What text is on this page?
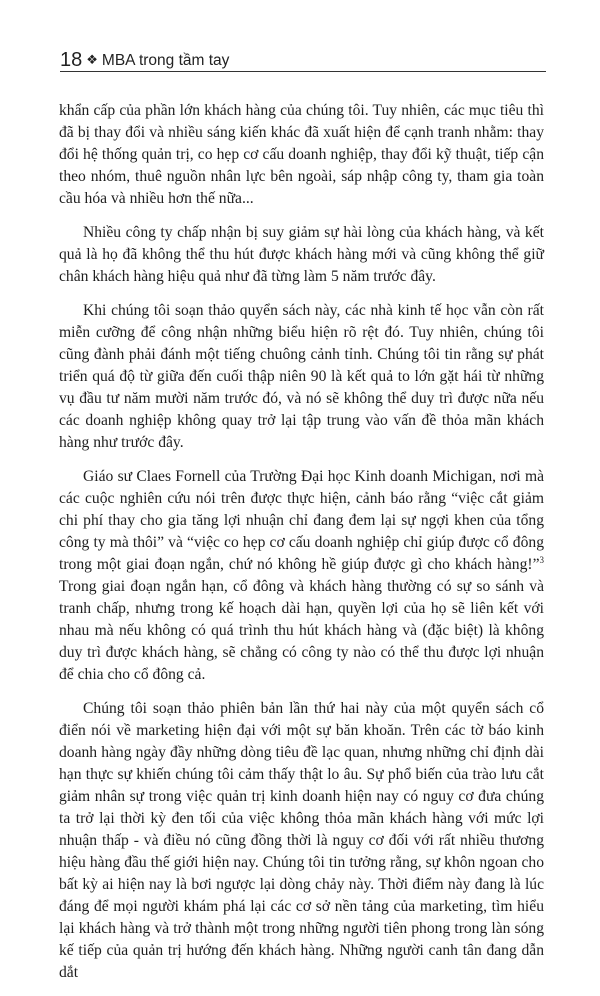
18 ❖ MBA trong tầm tay

khẩn cấp của phần lớn khách hàng của chúng tôi. Tuy nhiên, các mục tiêu thì đã bị thay đổi và nhiều sáng kiến khác đã xuất hiện để cạnh tranh nhằm: thay đổi hệ thống quản trị, co hẹp cơ cấu doanh nghiệp, thay đổi kỹ thuật, tiếp cận theo nhóm, thuê nguồn nhân lực bên ngoài, sáp nhập công ty, tham gia toàn cầu hóa và nhiều hơn thế nữa...

Nhiều công ty chấp nhận bị suy giảm sự hài lòng của khách hàng, và kết quả là họ đã không thể thu hút được khách hàng mới và cũng không thể giữ chân khách hàng hiệu quả như đã từng làm 5 năm trước đây.

Khi chúng tôi soạn thảo quyển sách này, các nhà kinh tế học vẫn còn rất miễn cưỡng để công nhận những biểu hiện rõ rệt đó. Tuy nhiên, chúng tôi cũng đành phải đánh một tiếng chuông cảnh tỉnh. Chúng tôi tin rằng sự phát triển quá độ từ giữa đến cuối thập niên 90 là kết quả to lớn gặt hái từ những vụ đầu tư năm mười năm trước đó, và nó sẽ không thể duy trì được nữa nếu các doanh nghiệp không quay trở lại tập trung vào vấn đề thỏa mãn khách hàng như trước đây.

Giáo sư Claes Fornell của Trường Đại học Kinh doanh Michigan, nơi mà các cuộc nghiên cứu nói trên được thực hiện, cảnh báo rằng “việc cắt giảm chi phí thay cho gia tăng lợi nhuận chỉ đang đem lại sự ngợi khen của tổng công ty mà thôi” và “việc co hẹp cơ cấu doanh nghiệp chỉ giúp được cổ đông trong một giai đoạn ngắn, chứ nó không hề giúp được gì cho khách hàng!”$^3$ Trong giai đoạn ngắn hạn, cổ đông và khách hàng thường có sự so sánh và tranh chấp, nhưng trong kế hoạch dài hạn, quyền lợi của họ sẽ liên kết với nhau mà nếu không có quá trình thu hút khách hàng và (đặc biệt) là không duy trì được khách hàng, sẽ chẳng có công ty nào có thể thu được lợi nhuận để chia cho cổ đông cả.

Chúng tôi soạn thảo phiên bản lần thứ hai này của một quyển sách cổ điển nói về marketing hiện đại với một sự băn khoăn. Trên các tờ báo kinh doanh hàng ngày đầy những dòng tiêu đề lạc quan, nhưng những chỉ định dài hạn thực sự khiến chúng tôi cảm thấy thật lo âu. Sự phổ biến của trào lưu cắt giảm nhân sự trong việc quản trị kinh doanh hiện nay có nguy cơ đưa chúng ta trở lại thời kỳ đen tối của việc không thỏa mãn khách hàng với mức lợi nhuận thấp - và điều nó cũng đồng thời là nguy cơ đối với rất nhiều thương hiệu hàng đầu thế giới hiện nay. Chúng tôi tin tưởng rằng, sự khôn ngoan cho bất kỳ ai hiện nay là bơi ngược lại dòng chảy này. Thời điểm này đang là lúc đáng để mọi người khám phá lại các cơ sở nền tảng của marketing, tìm hiểu lại khách hàng và trở thành một trong những người tiên phong trong làn sóng kế tiếp của quản trị hướng đến khách hàng. Những người canh tân đang dẫn dắt
